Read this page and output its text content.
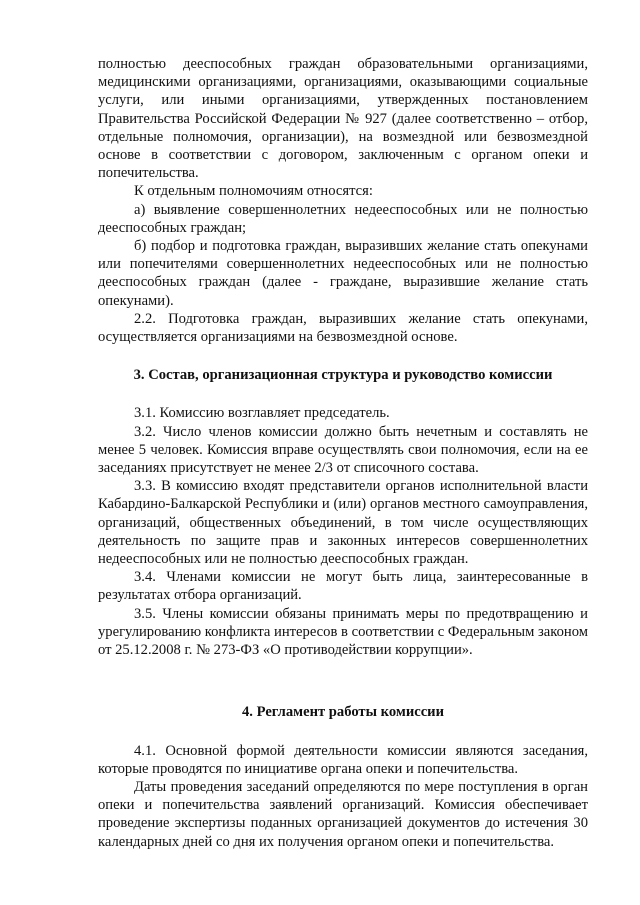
полностью дееспособных граждан образовательными организациями, медицинскими организациями, организациями, оказывающими социальные услуги, или иными организациями, утвержденных постановлением Правительства Российской Федерации № 927 (далее соответственно – отбор, отдельные полномочия, организации), на возмездной или безвозмездной основе в соответствии с договором, заключенным с органом опеки и попечительства.

К отдельным полномочиям относятся:

а) выявление совершеннолетних недееспособных или не полностью дееспособных граждан;

б) подбор и подготовка граждан, выразивших желание стать опекунами или попечителями совершеннолетних недееспособных или не полностью дееспособных граждан (далее - граждане, выразившие желание стать опекунами).

2.2. Подготовка граждан, выразивших желание стать опекунами, осуществляется организациями на безвозмездной основе.

3. Состав, организационная структура и руководство комиссии

3.1. Комиссию возглавляет председатель.

3.2. Число членов комиссии должно быть нечетным и составлять не менее 5 человек. Комиссия вправе осуществлять свои полномочия, если на ее заседаниях присутствует не менее 2/3 от списочного состава.

3.3. В комиссию входят представители органов исполнительной власти Кабардино-Балкарской Республики и (или) органов местного самоуправления, организаций, общественных объединений, в том числе осуществляющих деятельность по защите прав и законных интересов совершеннолетних недееспособных или не полностью дееспособных граждан.

3.4. Членами комиссии не могут быть лица, заинтересованные в результатах отбора организаций.

3.5. Члены комиссии обязаны принимать меры по предотвращению и урегулированию конфликта интересов в соответствии с Федеральным законом от 25.12.2008 г. № 273-ФЗ «О противодействии коррупции».

4. Регламент работы комиссии

4.1. Основной формой деятельности комиссии являются заседания, которые проводятся по инициативе органа опеки и попечительства.

Даты проведения заседаний определяются по мере поступления в орган опеки и попечительства заявлений организаций. Комиссия обеспечивает проведение экспертизы поданных организацией документов до истечения 30 календарных дней со дня их получения органом опеки и попечительства.
